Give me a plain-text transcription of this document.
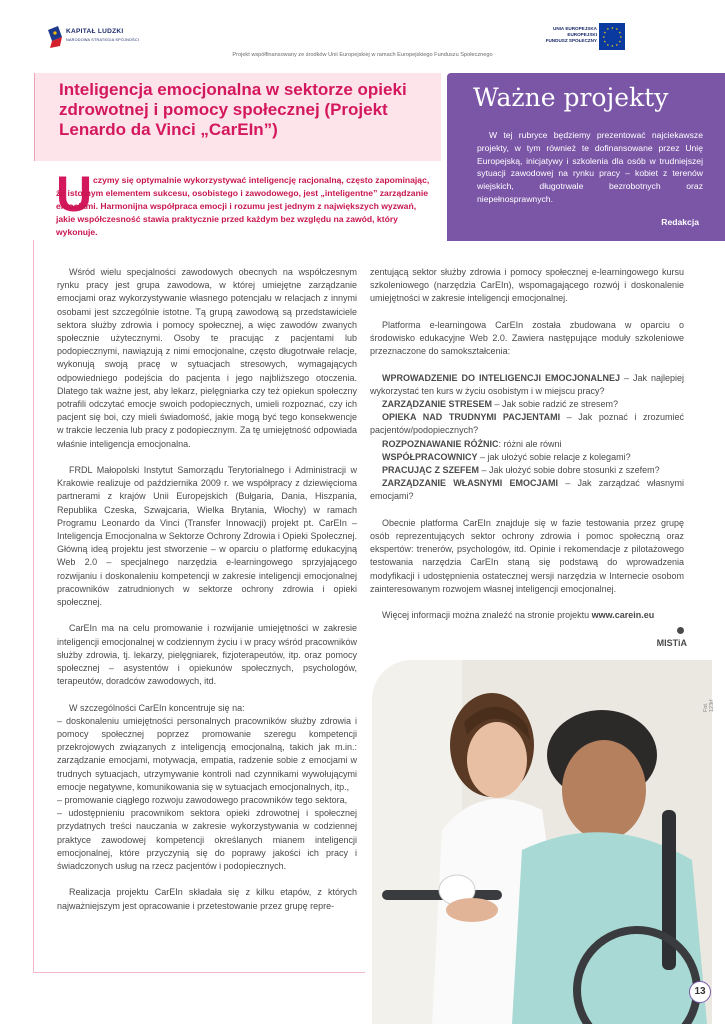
KAPITAŁ LUDZKI
NARODOWA STRATEGIA SPÓJNOŚCI
UNIA EUROPEJSKA
EUROPEJSKI
FUNDUSZ SPOŁECZNY
★ ★
★
★
★
★
★
★
★
★
★
★
Projekt współfinansowany ze środków Unii Europejskiej w ramach Europejskiego Funduszu Społecznego
Inteligencja emocjonalna w sektorze opieki zdrowotnej i pomocy społecznej (Projekt Lenardo da Vinci „CarEIn”)
U czymy się optymalnie wykorzystywać inteligencję racjonalną, często zapominając, że istotnym elementem sukcesu, osobistego i zawodowego, jest „inteligentne” zarządzanie emocjami. Harmonijna współpraca emocji i rozumu jest jednym z największych wyzwań, jakie współczesność stawia praktycznie przed każdym bez względu na zawód, który wykonuje.

Ważne projekty

W tej rubryce będziemy prezentować najciekawsze projekty, w tym również te dofinansowane przez Unię Europejską, inicjatywy i szkolenia dla osób w trudniejszej sytuacji zawodowej na rynku pracy – kobiet z terenów wiejskich, długotrwale bezrobotnych oraz niepełnosprawnych.

Redakcja

Wśród wielu specjalności zawodowych obecnych na współczesnym rynku pracy jest grupa zawodowa, w której umiejętne zarządzanie emocjami oraz wykorzystywanie własnego potencjału w relacjach z innymi osobami jest szczególnie istotne. Tą grupą zawodową są przedstawiciele sektora służby zdrowia i pomocy społecznej, a więc zawodów zwanych społecznie użytecznymi. Osoby te pracując z pacjentami lub podopiecznymi, nawiązują z nimi emocjonalne, często długotrwałe relacje, wykonują swoją pracę w sytuacjach stresowych, wymagających odpowiedniego podejścia do pacjenta i jego najbliższego otoczenia. Dlatego tak ważne jest, aby lekarz, pielęgniarka czy też opiekun społeczny potrafili odczytać emocje swoich podopiecznych, umieli rozpoznać, czy ich pacjent się boi, czy mieli świadomość, jakie mogą być tego konsekwencje w trakcie leczenia lub pracy z podopiecznym. Za tę umiejętność odpowiada właśnie inteligencja emocjonalna.

FRDL Małopolski Instytut Samorządu Terytorialnego i Administracji w Krakowie realizuje od października 2009 r. we współpracy z dziewięcioma partnerami z krajów Unii Europejskich (Bułgaria, Dania, Hiszpania, Republika Czeska, Szwajcaria, Wielka Brytania, Włochy) w ramach Programu Leonardo da Vinci (Transfer Innowacji) projekt pt. CarEIn – Inteligencja Emocjonalna w Sektorze Ochrony Zdrowia i Opieki Społecznej. Główną ideą projektu jest stworzenie – w oparciu o platformę edukacyjną Web 2.0 – specjalnego narzędzia e-learningowego sprzyjającego rozwijaniu i doskonaleniu kompetencji w zakresie inteligencji emocjonalnej pracowników zatrudnionych w sektorze ochrony zdrowia i opieki społecznej.

CarEIn ma na celu promowanie i rozwijanie umiejętności w zakresie inteligencji emocjonalnej w codziennym życiu i w pracy wśród pracowników służby zdrowia, tj. lekarzy, pielęgniarek, fizjoterapeutów, itp. oraz pomocy społecznej – asystentów i opiekunów społecznych, psychologów, terapeutów, doradców zawodowych, itd.

W szczególności CarEIn koncentruje się na:
– doskonaleniu umiejętności personalnych pracowników służby zdrowia i pomocy społecznej poprzez promowanie szeregu kompetencji przekrojowych związanych z inteligencją emocjonalną, takich jak m.in.: zarządzanie emocjami, motywacja, empatia, radzenie sobie z emocjami w trudnych sytuacjach, utrzymywanie kontroli nad czynnikami wywołującymi emocje negatywne, komunikowania się w sytuacjach emocjonalnych, itp.,
– promowanie ciągłego rozwoju zawodowego pracowników tego sektora,
– udostępnieniu pracownikom sektora opieki zdrowotnej i społecznej przydatnych treści nauczania w zakresie wykorzystywania w codziennej praktyce zawodowej kompetencji określanych mianem inteligencji emocjonalnej, które przyczynią się do poprawy jakości ich pracy i świadczonych usług na rzecz pacjentów i podopiecznych.

Realizacja projektu CarEIn składała się z kilku etapów, z których najważniejszym jest opracowanie i przetestowanie przez grupę repre-

zentującą sektor służby zdrowia i pomocy społecznej e-learningowego kursu szkoleniowego (narzędzia CarEIn), wspomagającego rozwój i doskonalenie umiejętności w zakresie inteligencji emocjonalnej.

Platforma e-learningowa CarEIn została zbudowana w oparciu o środowisko edukacyjne Web 2.0. Zawiera następujące moduły szkoleniowe przeznaczone do samokształcenia:

WPROWADZENIE DO INTELIGENCJI EMOCJONALNEJ – Jak najlepiej wykorzystać ten kurs w życiu osobistym i w miejscu pracy?
ZARZĄDZANIE STRESEM – Jak sobie radzić ze stresem?
OPIEKA NAD TRUDNYMI PACJENTAMI – Jak poznać i zrozumieć pacjentów/podopiecznych?
ROZPOZNAWANIE RÓŻNIC: różni ale równi
WSPÓŁPRACOWNICY – jak ułożyć sobie relacje z kolegami?
PRACUJĄC Z SZEFEM – Jak ułożyć sobie dobre stosunki z szefem?
ZARZĄDZANIE WŁASNYMI EMOCJAMI – Jak zarządzać własnymi emocjami?

Obecnie platforma CarEIn znajduje się w fazie testowania przez grupę osób reprezentujących sektor ochrony zdrowia i pomoc społeczną oraz ekspertów: trenerów, psychologów, itd. Opinie i rekomendacje z pilotażowego testowania narzędzia CarEIn staną się podstawą do wprowadzenia modyfikacji i udostępnienia ostatecznej wersji narzędzia w Internecie osobom zainteresowanym rozwojem własnej inteligencji emocjonalnej.

Więcej informacji można znaleźć na stronie projektu www.carein.eu

MISTiA
Fot. 123rf
13
